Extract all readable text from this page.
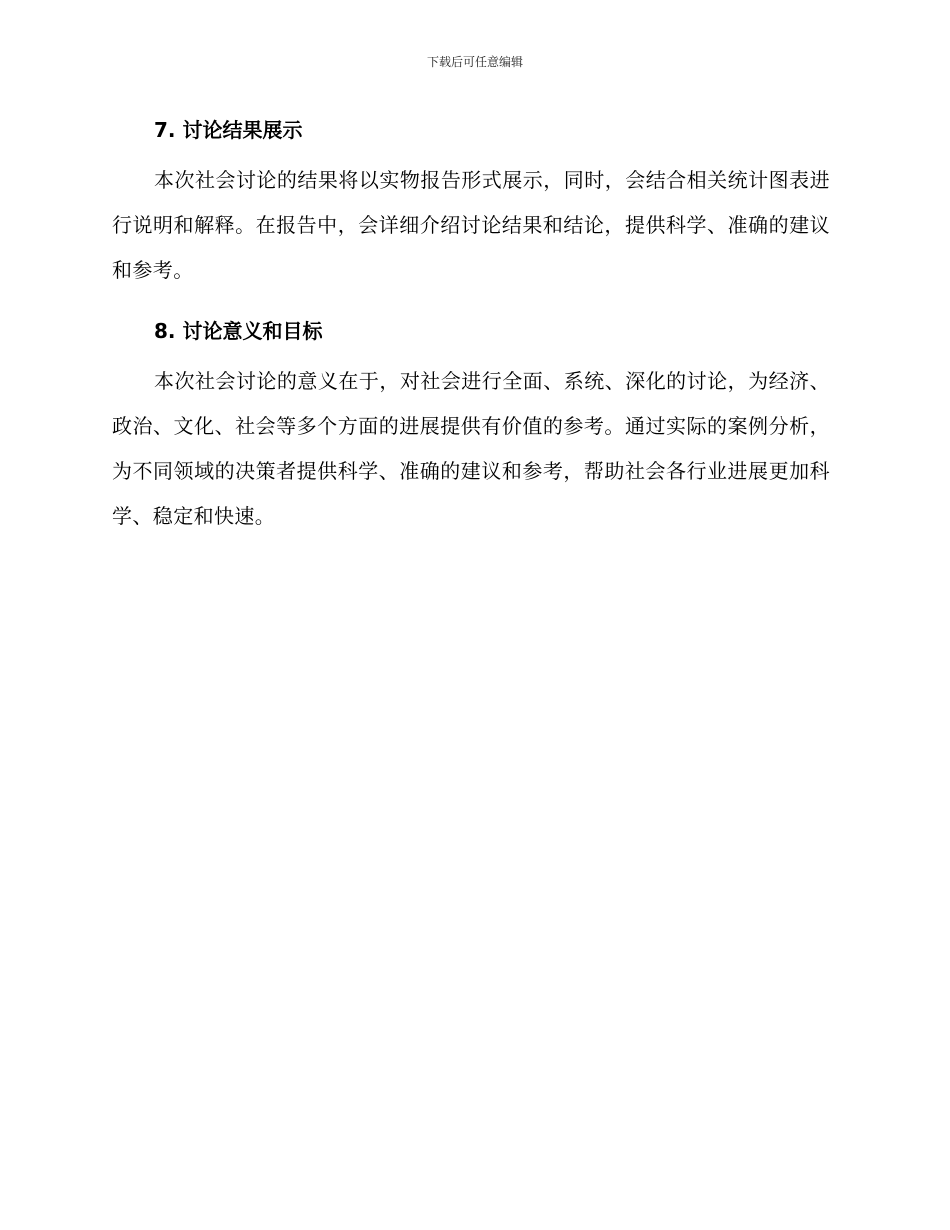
下载后可任意编辑
7. 讨论结果展示

本次社会讨论的结果将以实物报告形式展示，同时，会结合相关统计图表进行说明和解释。在报告中，会详细介绍讨论结果和结论，提供科学、准确的建议和参考。

8. 讨论意义和目标

本次社会讨论的意义在于，对社会进行全面、系统、深化的讨论，为经济、政治、文化、社会等多个方面的进展提供有价值的参考。通过实际的案例分析，为不同领域的决策者提供科学、准确的建议和参考，帮助社会各行业进展更加科学、稳定和快速。
